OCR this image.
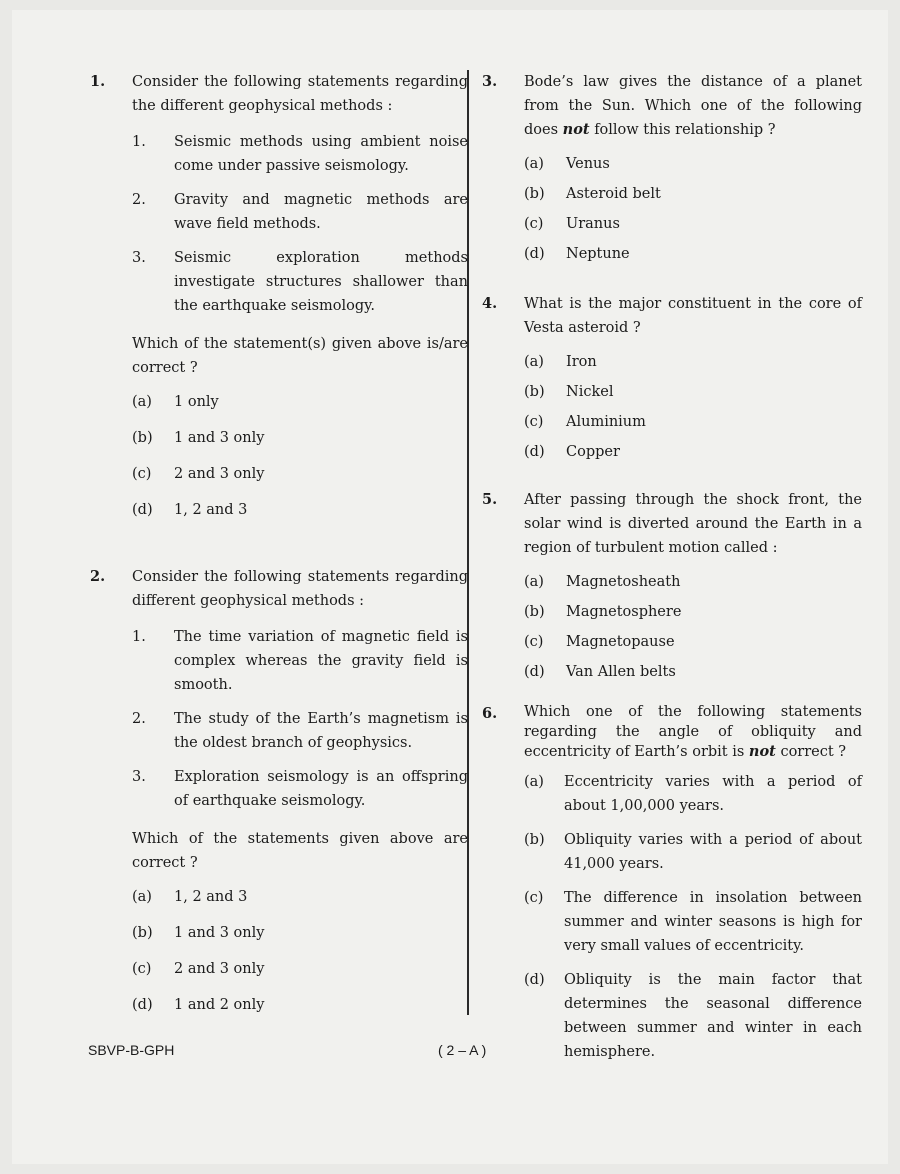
1. Consider the following statements regarding the different geophysical methods :
1. Seismic methods using ambient noise come under passive seismology.
2. Gravity and magnetic methods are wave field methods.
3. Seismic exploration methods investigate structures shallower than the earthquake seismology.
Which of the statement(s) given above is/are correct ?
(a) 1 only
(b) 1 and 3 only
(c) 2 and 3 only
(d) 1, 2 and 3
2. Consider the following statements regarding different geophysical methods :
1. The time variation of magnetic field is complex whereas the gravity field is smooth.
2. The study of the Earth’s magnetism is the oldest branch of geophysics.
3. Exploration seismology is an offspring of earthquake seismology.
Which of the statements given above are correct ?
(a) 1, 2 and 3
(b) 1 and 3 only
(c) 2 and 3 only
(d) 1 and 2 only
3. Bode’s law gives the distance of a planet from the Sun. Which one of the following does not follow this relationship ?
(a) Venus
(b) Asteroid belt
(c) Uranus
(d) Neptune
4. What is the major constituent in the core of Vesta asteroid ?
(a) Iron
(b) Nickel
(c) Aluminium
(d) Copper
5. After passing through the shock front, the solar wind is diverted around the Earth in a region of turbulent motion called :
(a) Magnetosheath
(b) Magnetosphere
(c) Magnetopause
(d) Van Allen belts
6. Which one of the following statements regarding the angle of obliquity and eccentricity of Earth’s orbit is not correct ?
(a) Eccentricity varies with a period of about 1,00,000 years.
(b) Obliquity varies with a period of about 41,000 years.
(c) The difference in insolation between summer and winter seasons is high for very small values of eccentricity.
(d) Obliquity is the main factor that determines the seasonal difference between summer and winter in each hemisphere.
SBVP-B-GPH	( 2 – A )
